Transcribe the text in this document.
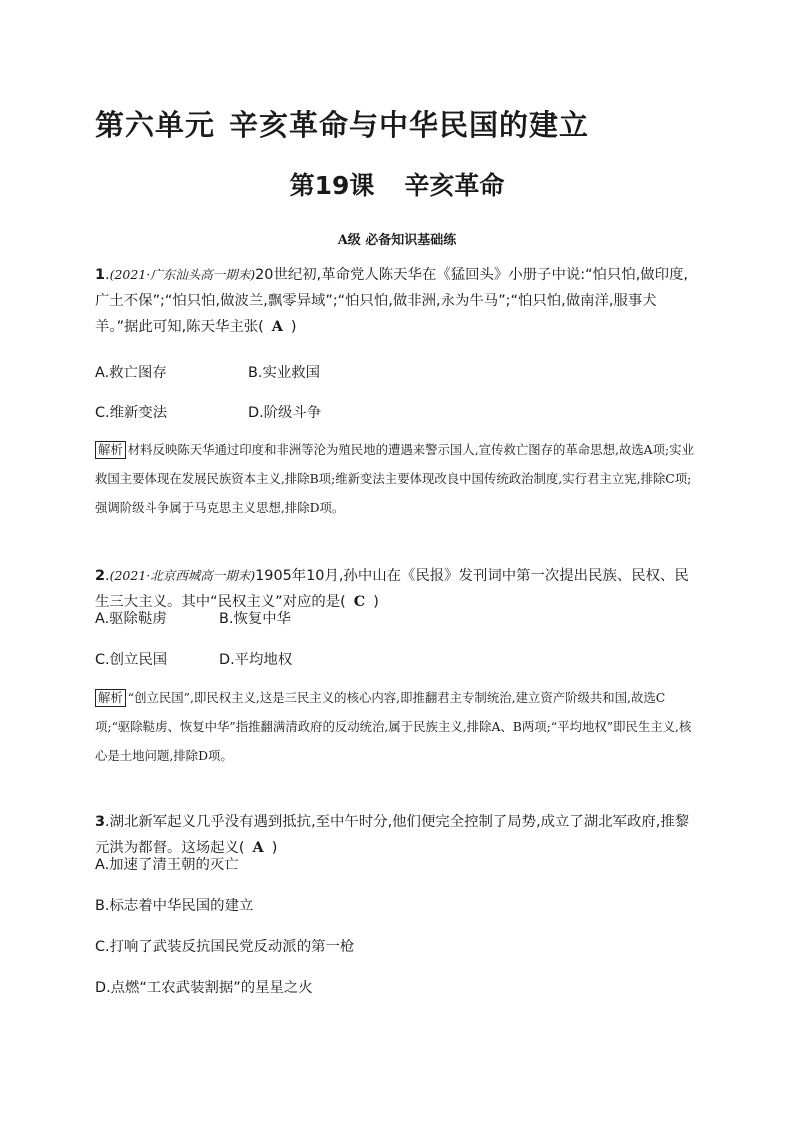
第六单元 辛亥革命与中华民国的建立
第19课 辛亥革命
A级 必备知识基础练
1.(2021·广东汕头高一期末)20世纪初,革命党人陈天华在《猛回头》小册子中说:“怕只怕,做印度,广土不保”;“怕只怕,做波兰,飘零异域”;“怕只怕,做非洲,永为牛马”;“怕只怕,做南洋,服事犬羊。”据此可知,陈天华主张( A )
A.救亡图存	B.实业救国
C.维新变法	D.阶级斗争
解析 材料反映陈天华通过印度和非洲等沦为殖民地的遭遇来警示国人,宣传救亡图存的革命思想,故选A项;实业救国主要体现在发展民族资本主义,排除B项;维新变法主要体现改良中国传统政治制度,实行君主立宪,排除C项;强调阶级斗争属于马克思主义思想,排除D项。
2.(2021·北京西城高一期末)1905年10月,孙中山在《民报》发刊词中第一次提出民族、民权、民生三大主义。其中“民权主义”对应的是( C )
A.驱除鞑虏	B.恢复中华
C.创立民国	D.平均地权
解析 “创立民国”,即民权主义,这是三民主义的核心内容,即推翻君主专制统治,建立资产阶级共和国,故选C项;“驱除鞑虏、恢复中华”指推翻满清政府的反动统治,属于民族主义,排除A、B两项;“平均地权”即民生主义,核心是土地问题,排除D项。
3.湖北新军起义几乎没有遇到抵抗,至中午时分,他们便完全控制了局势,成立了湖北军政府,推黎元洪为都督。这场起义( A )
A.加速了清王朝的灭亡
B.标志着中华民国的建立
C.打响了武装反抗国民党反动派的第一枪
D.点燃“工农武装割据”的星星之火
